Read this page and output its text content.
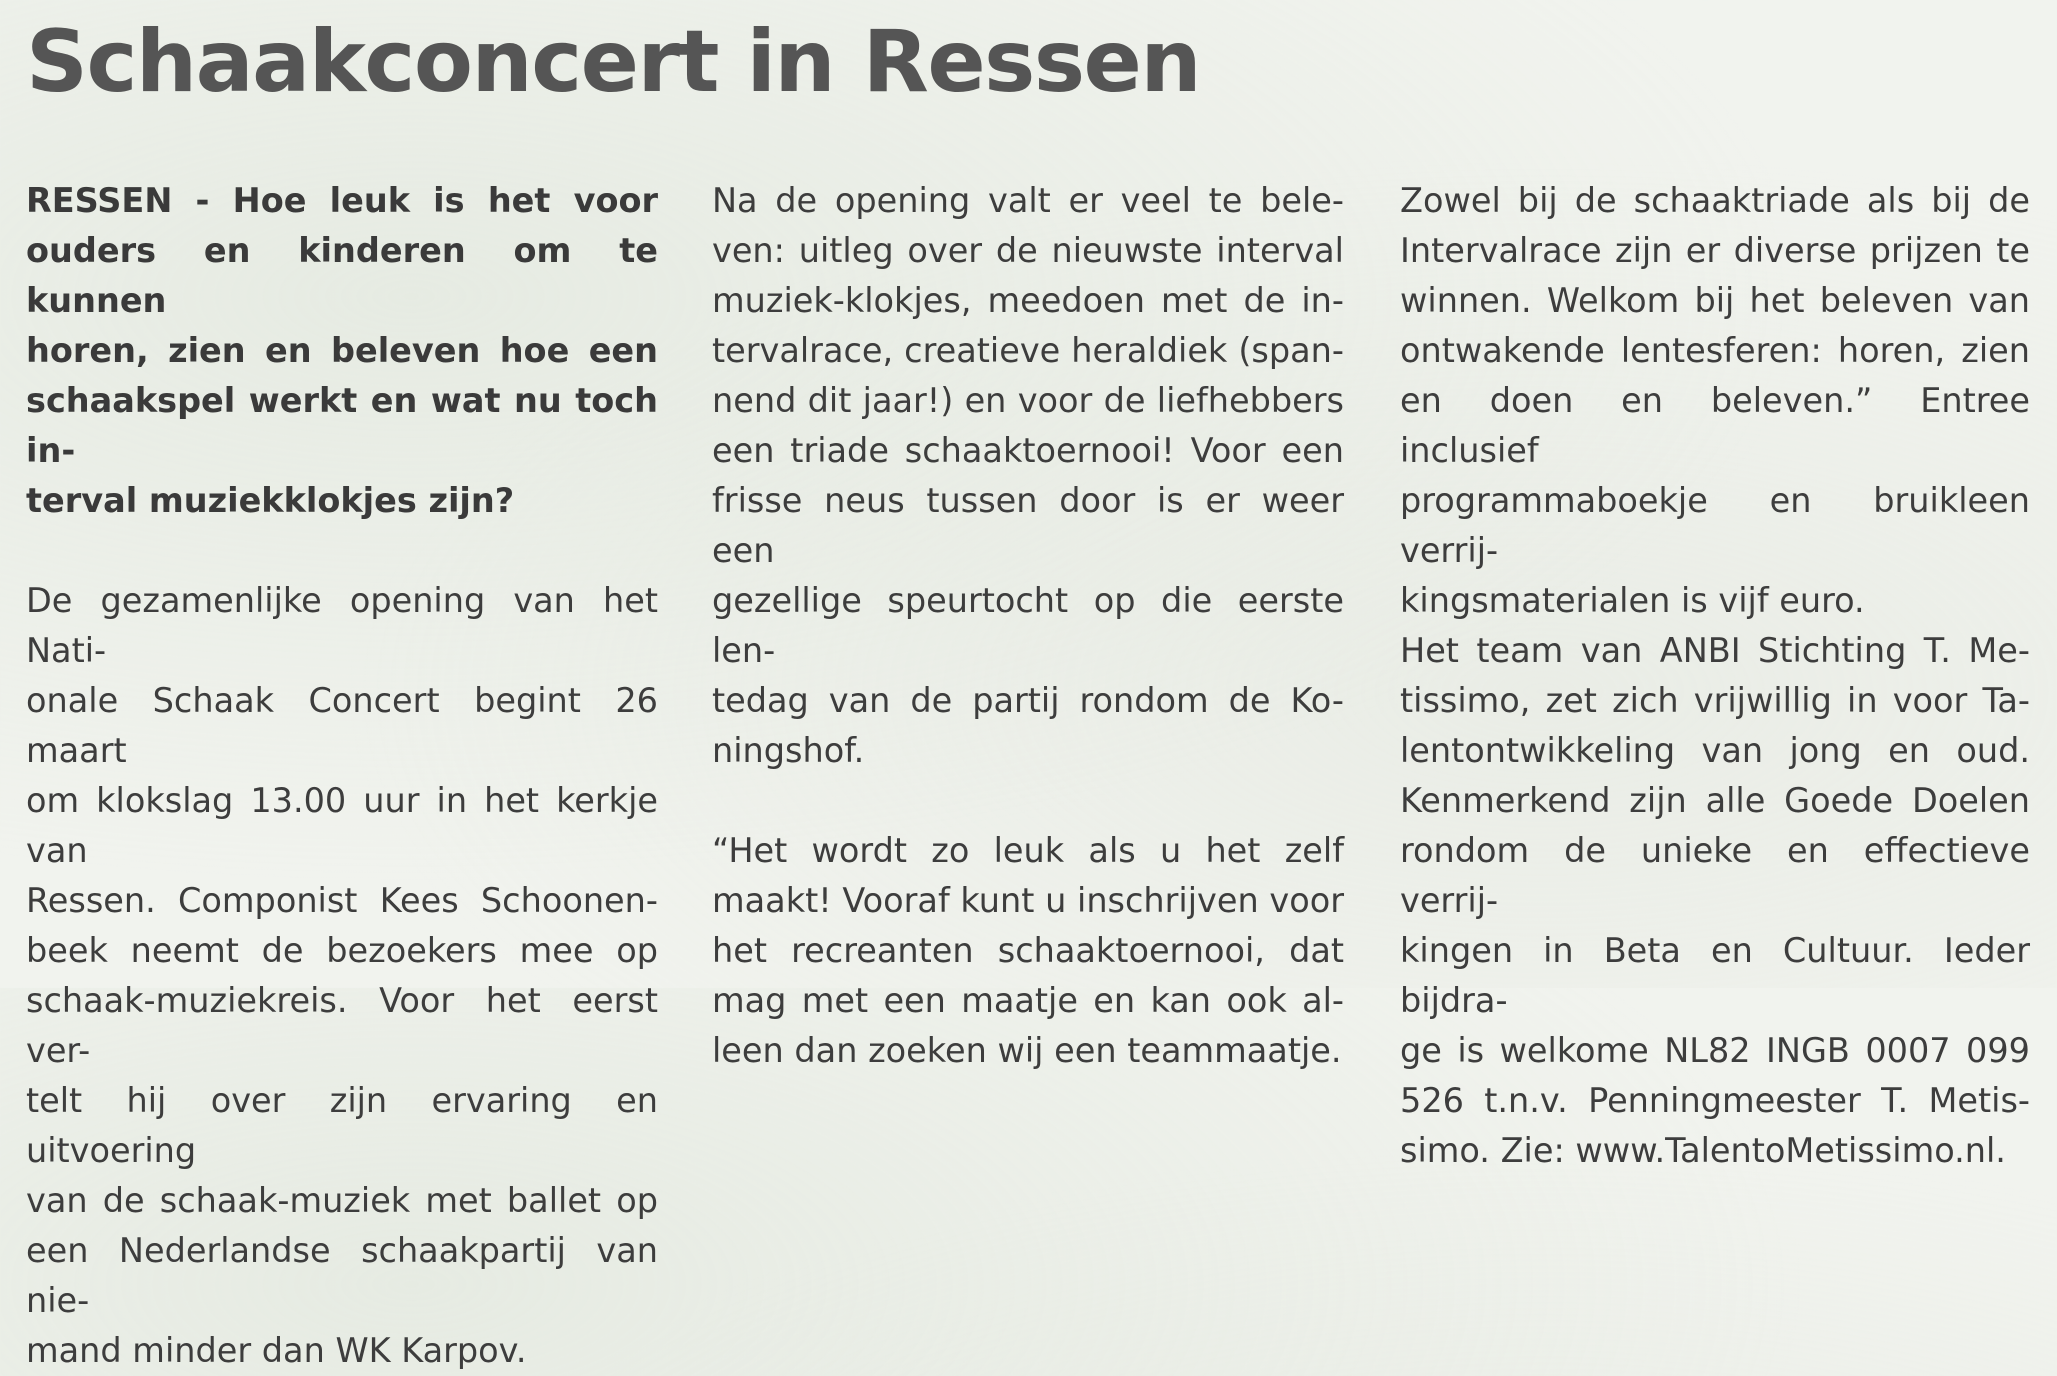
Schaakconcert in Ressen

RESSEN - Hoe leuk is het voor

ouders en kinderen om te kunnen

horen, zien en beleven hoe een

schaakspel werkt en wat nu toch in-

terval muziekklokjes zijn?

De gezamenlijke opening van het Nati-

onale Schaak Concert begint 26 maart

om klokslag 13.00 uur in het kerkje van

Ressen. Componist Kees Schoonen-

beek neemt de bezoekers mee op

schaak-muziekreis. Voor het eerst ver-

telt hij over zijn ervaring en uitvoering

van de schaak-muziek met ballet op

een Nederlandse schaakpartij van nie-

mand minder dan WK Karpov.

Na de opening valt er veel te bele-

ven: uitleg over de nieuwste interval

muziek-klokjes, meedoen met de in-

tervalrace, creatieve heraldiek (span-

nend dit jaar!) en voor de liefhebbers

een triade schaaktoernooi! Voor een

frisse neus tussen door is er weer een

gezellige speurtocht op die eerste len-

tedag van de partij rondom de Ko-

ningshof.

“Het wordt zo leuk als u het zelf

maakt! Vooraf kunt u inschrijven voor

het recreanten schaaktoernooi, dat

mag met een maatje en kan ook al-

leen dan zoeken wij een teammaatje.

Zowel bij de schaaktriade als bij de

Intervalrace zijn er diverse prijzen te

winnen. Welkom bij het beleven van

ontwakende lentesferen: horen, zien

en doen en beleven.” Entree inclusief

programmaboekje en bruikleen verrij-

kingsmaterialen is vijf euro.

Het team van ANBI Stichting T. Me-

tissimo, zet zich vrijwillig in voor Ta-

lentontwikkeling van jong en oud.

Kenmerkend zijn alle Goede Doelen

rondom de unieke en effectieve verrij-

kingen in Beta en Cultuur. Ieder bijdra-

ge is welkome NL82 INGB 0007 099

526 t.n.v. Penningmeester T. Metis-

simo. Zie: www.TalentoMetissimo.nl.
